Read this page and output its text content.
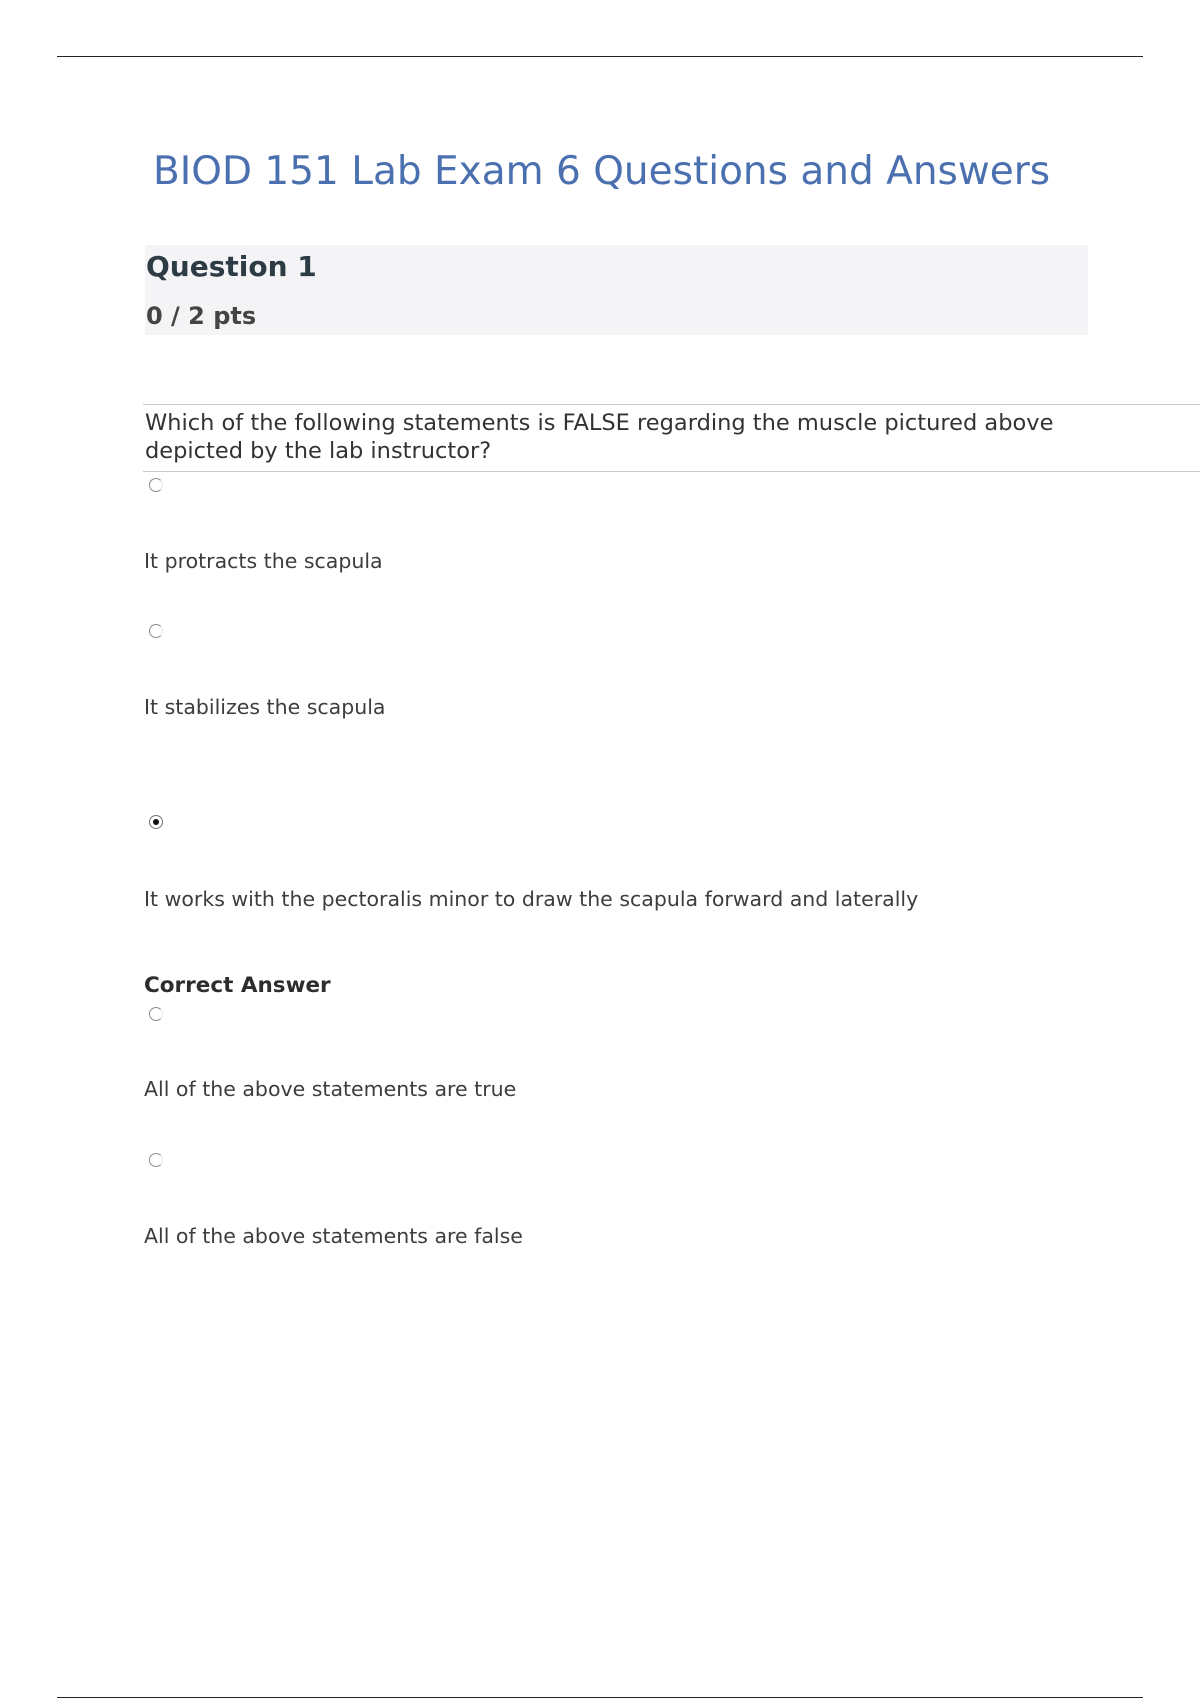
BIOD 151 Lab Exam 6 Questions and Answers
Question 1
0 / 2 pts

Which of the following statements is FALSE regarding the muscle pictured above depicted by the lab instructor?

It protracts the scapula

It stabilizes the scapula

It works with the pectoralis minor to draw the scapula forward and laterally

Correct Answer

All of the above statements are true

All of the above statements are false
